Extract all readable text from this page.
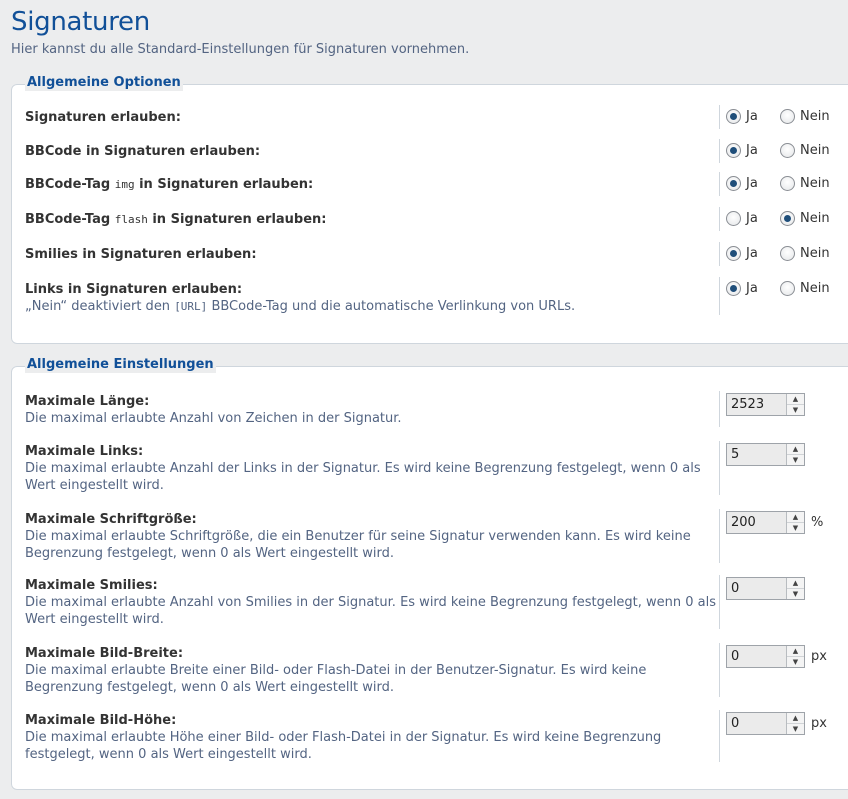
Signaturen

Hier kannst du alle Standard-Einstellungen für Signaturen vornehmen.

Allgemeine Optionen
Signaturen erlauben:	Ja	Nein
BBCode in Signaturen erlauben:	Ja	Nein
BBCode-Tag img in Signaturen erlauben:	Ja	Nein
BBCode-Tag flash in Signaturen erlauben:	Ja	Nein
Smilies in Signaturen erlauben:	Ja	Nein
Links in Signaturen erlauben:
„Nein“ deaktiviert den [URL] BBCode-Tag und die automatische Verlinkung von URLs.
Ja	Nein
Allgemeine Einstellungen
Maximale Länge:
Die maximal erlaubte Anzahl von Zeichen in der Signatur.
2523	▲
▼
Maximale Links:
Die maximal erlaubte Anzahl der Links in der Signatur. Es wird keine Begrenzung festgelegt, wenn 0 als Wert eingestellt wird.
5	▲
▼
Maximale Schriftgröße:
Die maximal erlaubte Schriftgröße, die ein Benutzer für seine Signatur verwenden kann. Es wird keine Begrenzung festgelegt, wenn 0 als Wert eingestellt wird.
200	▲
▼ %
Maximale Smilies:
Die maximal erlaubte Anzahl von Smilies in der Signatur. Es wird keine Begrenzung festgelegt, wenn 0 als Wert eingestellt wird.
0	▲
▼
Maximale Bild-Breite:
Die maximal erlaubte Breite einer Bild- oder Flash-Datei in der Benutzer-Signatur. Es wird keine Begrenzung festgelegt, wenn 0 als Wert eingestellt wird.
0	▲
▼ px
Maximale Bild-Höhe:
Die maximal erlaubte Höhe einer Bild- oder Flash-Datei in der Signatur. Es wird keine Begrenzung festgelegt, wenn 0 als Wert eingestellt wird.
0	▲
▼ px
